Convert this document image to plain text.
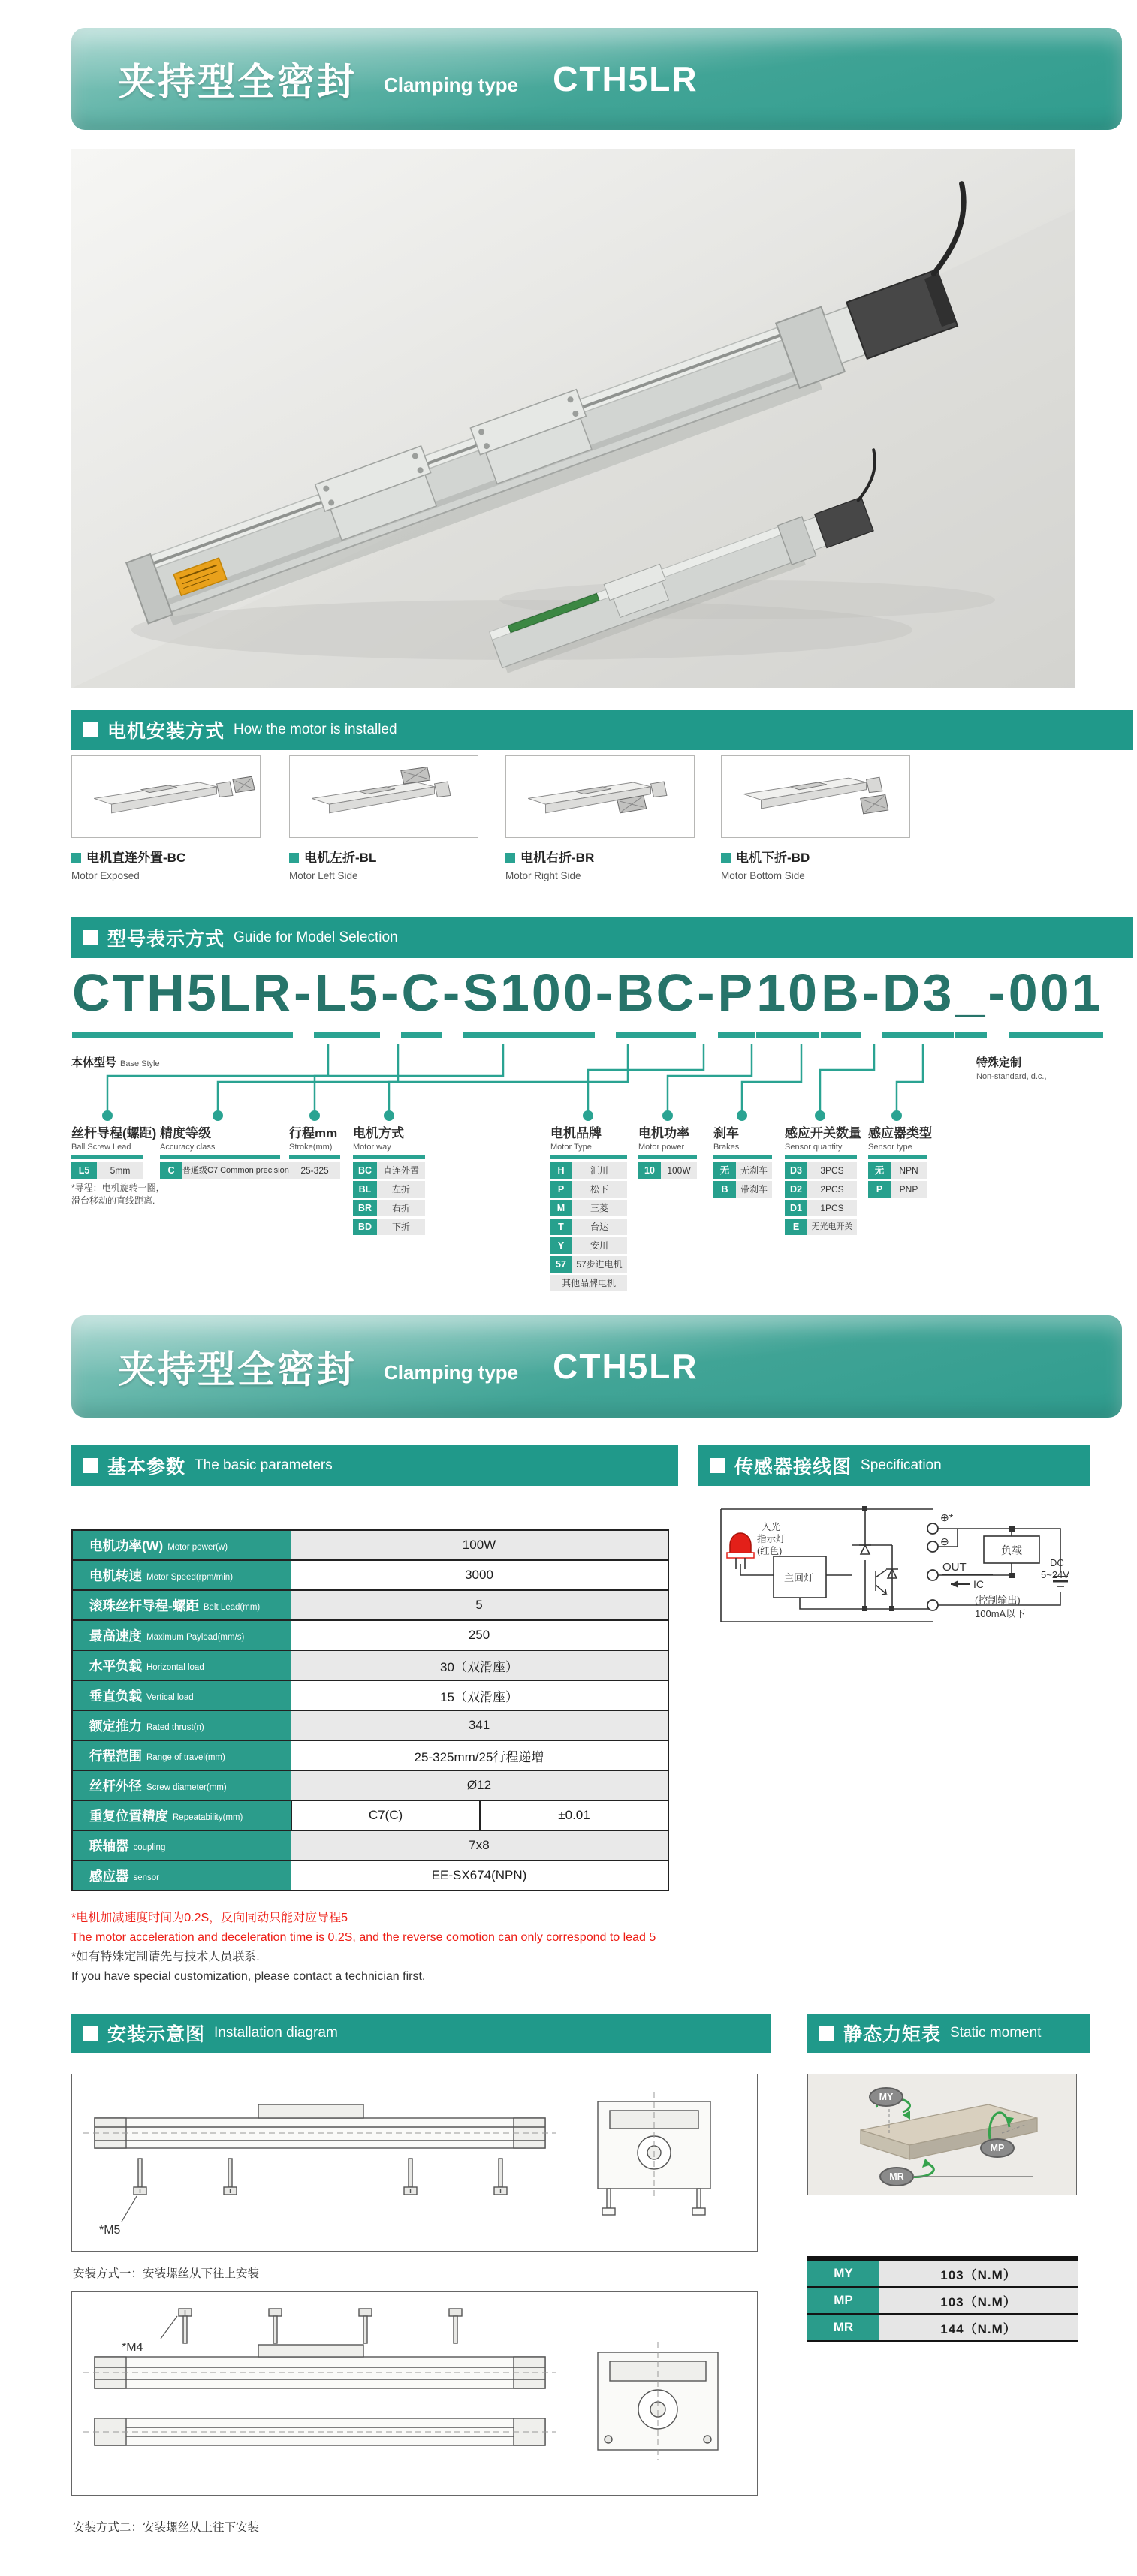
夹持型全密封 Clamping type CTH5LR
电机安装方式 How the motor is installed
电机直连外置-BC
Motor Exposed
电机左折-BL
Motor Left Side
电机右折-BR
Motor Right Side
电机下折-BD
Motor Bottom Side
型号表示方式 Guide for Model Selection
CTH5LR-L5-C-S100-BC-P10B-D3_-001
本体型号 Base Style	特殊定制
Non-standard, d.c.,
丝杆导程(螺距)
Ball Screw Lead
L5	5mm
*导程：电机旋转一圈，
滑台移动的直线距离.
精度等级
Accuracy class
C 普通级C7 Common precision
行程mm
Stroke(mm)
25-325
电机方式
Motor way
BC	直连外置
BL	左折
BR	右折
BD	下折
电机品牌
Motor Type
H	汇川
P	松下
M	三菱
T	台达
Y	安川
57	57步进电机
其他品牌电机
电机功率
Motor power
10	100W
刹车
Brakes
无	无刹车
B	带刹车
感应开关数量
Sensor quantity
D3	3PCS
D2	2PCS
D1	1PCS
E	无光电开关
感应器类型
Sensor type
无	NPN
P	PNP
夹持型全密封 Clamping type CTH5LR
基本参数 The basic parameters
电机功率(W) Motor power(w)	100W
电机转速 Motor Speed(rpm/min)	3000
滚珠丝杆导程-螺距 Belt Lead(mm)	5
最高速度 Maximum Payload(mm/s)	250
水平负载 Horizontal load	30（双滑座）
垂直负载 Vertical load	15（双滑座）
额定推力 Rated thrust(n)	341
行程范围 Range of travel(mm)	25-325mm/25行程递增
丝杆外径 Screw diameter(mm)	Ø12
重复位置精度 Repeatability(mm)	C7(C)	±0.01
联轴器 coupling	7x8
感应器 sensor	EE-SX674(NPN)
*电机加减速度时间为0.2S，反向同动只能对应导程5
The motor acceleration and deceleration time is 0.2S, and the reverse comotion can only correspond to lead 5
*如有特殊定制请先与技术人员联系.
If you have special customization, please contact a technician first.
传感器接线图 Specification
入光
指示灯
(红色)
主回灯
⊕*
⊖
OUT
IC
(控制输出)
100mA以下
负载
DC
5~24V
安装示意图 Installation diagram
*M5
安装方式一：安装螺丝从下往上安装
*M4
安装方式二：安装螺丝从上往下安装
静态力矩表 Static moment
MY
MP
MR
MY	103（N.M）
MP	103（N.M）
MR	144（N.M）
